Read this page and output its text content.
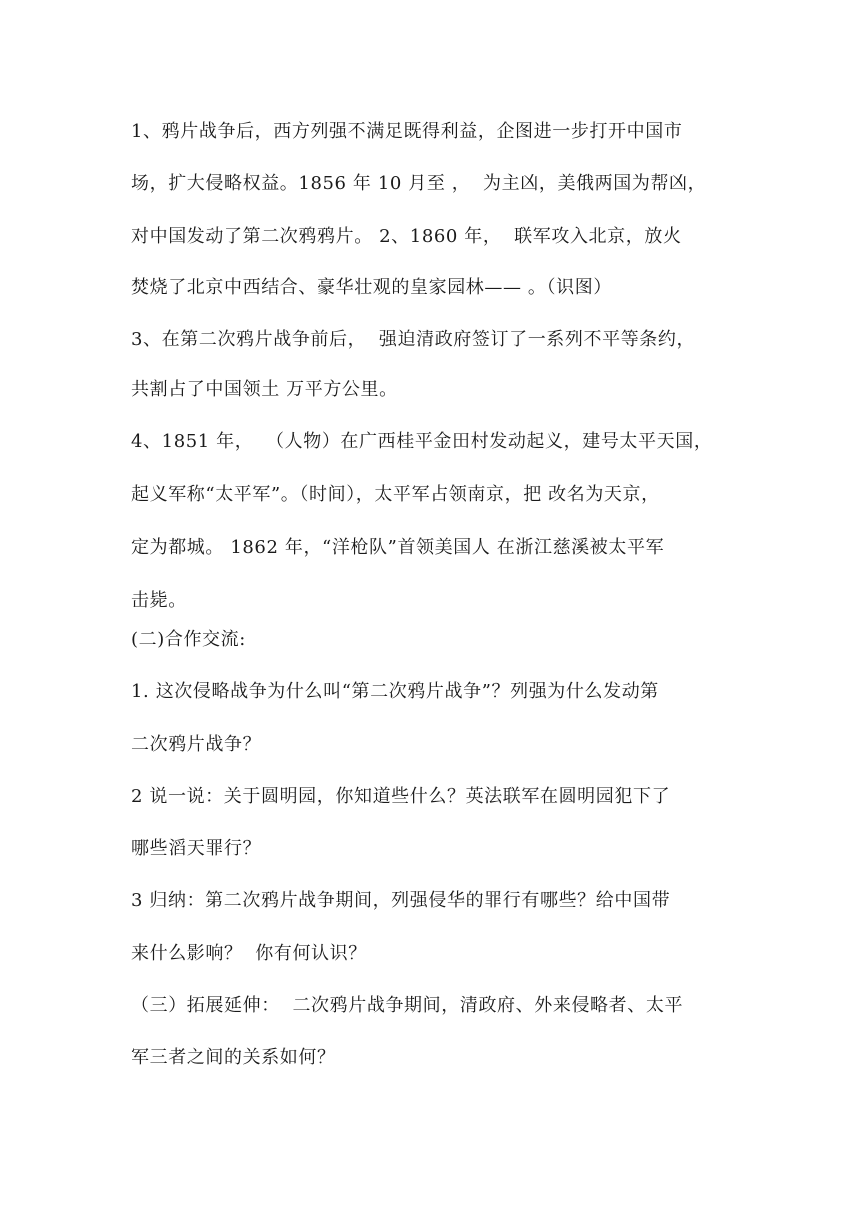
1、鸦片战争后，西方列强不满足既得利益，企图进一步打开中国市
场，扩大侵略权益。1856 年 10 月至 ，  为主凶，美俄两国为帮凶，
对中国发动了第二次鸦鸦片。 2、1860 年，  联军攻入北京，放火
焚烧了北京中西结合、豪华壮观的皇家园林—— 。（识图）
3、在第二次鸦片战争前后，  强迫清政府签订了一系列不平等条约，
共割占了中国领土 万平方公里。
4、1851 年，  （人物）在广西桂平金田村发动起义，建号太平天国，
起义军称“太平军”。（时间），太平军占领南京，把 改名为天京，
定为都城。 1862 年，“洋枪队”首领美国人 在浙江慈溪被太平军
击毙。
(二)合作交流:
1. 这次侵略战争为什么叫“第二次鸦片战争”？列强为什么发动第
二次鸦片战争？
2 说一说：关于圆明园，你知道些什么？英法联军在圆明园犯下了
哪些滔天罪行？
3 归纳：第二次鸦片战争期间，列强侵华的罪行有哪些？给中国带
来什么影响？  你有何认识？
（三）拓展延伸：  二次鸦片战争期间，清政府、外来侵略者、太平
军三者之间的关系如何？
